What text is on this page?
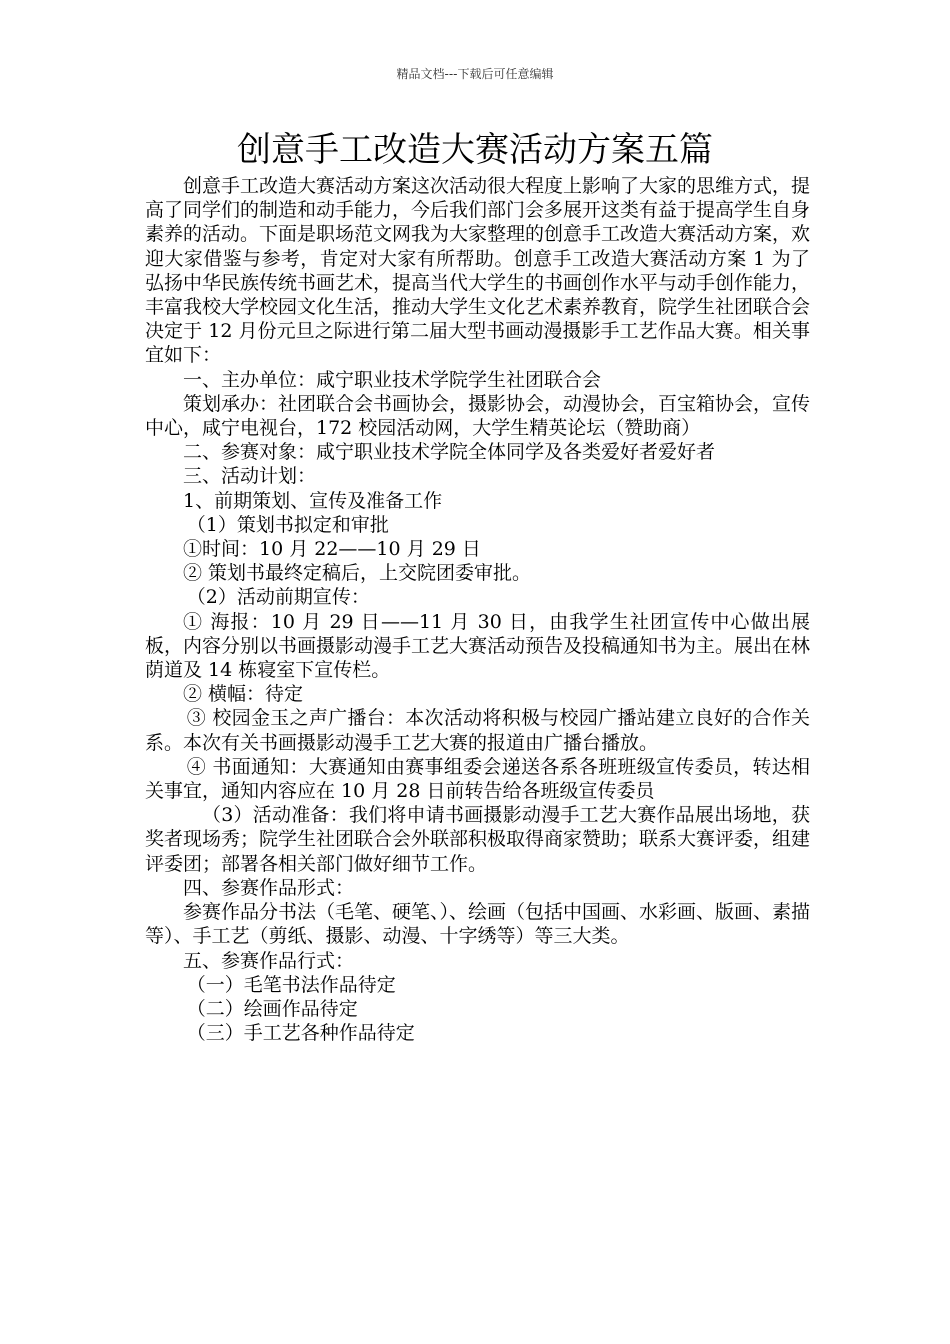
精品文档---下载后可任意编辑
创意手工改造大赛活动方案五篇

创意手工改造大赛活动方案这次活动很大程度上影响了大家的思维方式，提高了同学们的制造和动手能力，今后我们部门会多展开这类有益于提高学生自身素养的活动。下面是职场范文网我为大家整理的创意手工改造大赛活动方案，欢迎大家借鉴与参考，肯定对大家有所帮助。创意手工改造大赛活动方案 1 为了弘扬中华民族传统书画艺术，提高当代大学生的书画创作水平与动手创作能力，丰富我校大学校园文化生活，推动大学生文化艺术素养教育，院学生社团联合会决定于 12 月份元旦之际进行第二届大型书画动漫摄影手工艺作品大赛。相关事宜如下：

一、主办单位：咸宁职业技术学院学生社团联合会

策划承办：社团联合会书画协会，摄影协会，动漫协会，百宝箱协会，宣传中心，咸宁电视台，172 校园活动网，大学生精英论坛（赞助商）

二、参赛对象：咸宁职业技术学院全体同学及各类爱好者爱好者

三、活动计划：

1、前期策划、宣传及准备工作

（1）策划书拟定和审批

①时间：10 月 22——10 月 29 日

② 策划书最终定稿后，上交院团委审批。

（2）活动前期宣传：

① 海报：10 月 29 日——11 月 30 日，由我学生社团宣传中心做出展板，内容分别以书画摄影动漫手工艺大赛活动预告及投稿通知书为主。展出在林荫道及 14 栋寝室下宣传栏。

② 横幅：待定

③ 校园金玉之声广播台：本次活动将积极与校园广播站建立良好的合作关系。本次有关书画摄影动漫手工艺大赛的报道由广播台播放。

④ 书面通知：大赛通知由赛事组委会递送各系各班班级宣传委员，转达相关事宜，通知内容应在 10 月 28 日前转告给各班级宣传委员

（3）活动准备：我们将申请书画摄影动漫手工艺大赛作品展出场地，获奖者现场秀；院学生社团联合会外联部积极取得商家赞助；联系大赛评委，组建评委团；部署各相关部门做好细节工作。

四、参赛作品形式：

参赛作品分书法（毛笔、硬笔、）、绘画（包括中国画、水彩画、版画、素描等）、手工艺（剪纸、摄影、动漫、十字绣等）等三大类。

五、参赛作品行式：

（一）毛笔书法作品待定

（二）绘画作品待定

（三）手工艺各种作品待定
